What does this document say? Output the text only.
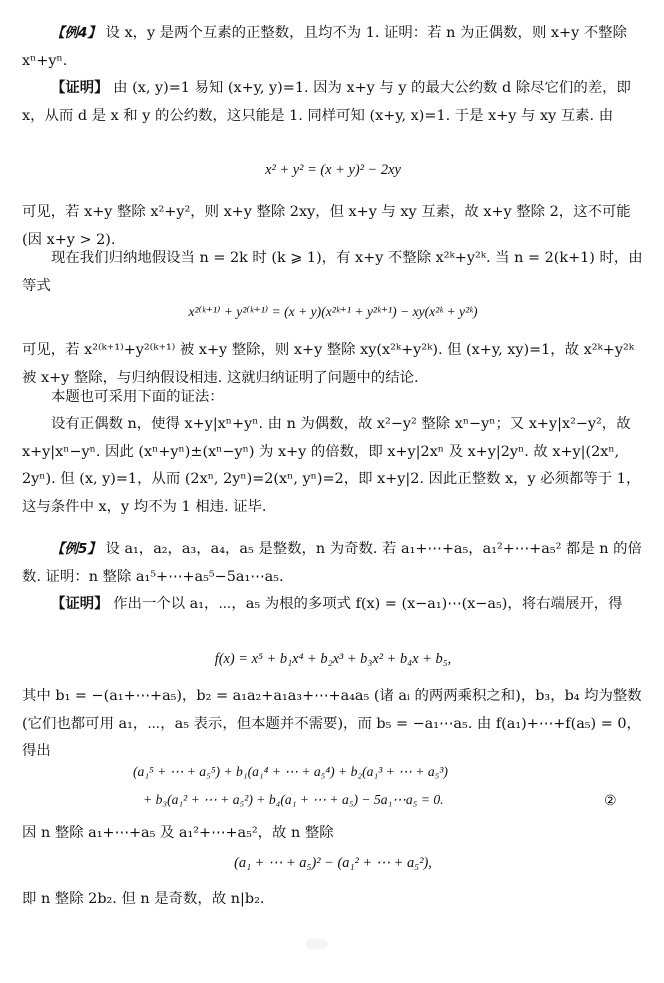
【例4】 设 x，y 是两个互素的正整数，且均不为 1. 证明：若 n 为正偶数，则 x+y 不整除 xⁿ+yⁿ.

【证明】 由 (x, y)=1 易知 (x+y, y)=1. 因为 x+y 与 y 的最大公约数 d 除尽它们的差，即 x，从而 d 是 x 和 y 的公约数，这只能是 1. 同样可知 (x+y, x)=1. 于是 x+y 与 xy 互素. 由

x² + y² = (x + y)² − 2xy

可见，若 x+y 整除 x²+y²，则 x+y 整除 2xy，但 x+y 与 xy 互素，故 x+y 整除 2，这不可能 (因 x+y > 2).

现在我们归纳地假设当 n = 2k 时 (k ⩾ 1)，有 x+y 不整除 x²ᵏ+y²ᵏ. 当 n = 2(k+1) 时，由等式

x²⁽ᵏ⁺¹⁾ + y²⁽ᵏ⁺¹⁾ = (x + y)(x²ᵏ⁺¹ + y²ᵏ⁺¹) − xy(x²ᵏ + y²ᵏ)

可见，若 x²⁽ᵏ⁺¹⁾+y²⁽ᵏ⁺¹⁾ 被 x+y 整除，则 x+y 整除 xy(x²ᵏ+y²ᵏ). 但 (x+y, xy)=1，故 x²ᵏ+y²ᵏ 被 x+y 整除，与归纳假设相违. 这就归纳证明了问题中的结论.

本题也可采用下面的证法：

设有正偶数 n，使得 x+y|xⁿ+yⁿ. 由 n 为偶数，故 x²−y² 整除 xⁿ−yⁿ；又 x+y|x²−y²，故 x+y|xⁿ−yⁿ. 因此 (xⁿ+yⁿ)±(xⁿ−yⁿ) 为 x+y 的倍数，即 x+y|2xⁿ 及 x+y|2yⁿ. 故 x+y|(2xⁿ, 2yⁿ). 但 (x, y)=1，从而 (2xⁿ, 2yⁿ)=2(xⁿ, yⁿ)=2，即 x+y|2. 因此正整数 x，y 必须都等于 1，这与条件中 x，y 均不为 1 相违. 证毕.

【例5】 设 a₁，a₂，a₃，a₄，a₅ 是整数，n 为奇数. 若 a₁+⋯+a₅，a₁²+⋯+a₅² 都是 n 的倍数. 证明：n 整除 a₁⁵+⋯+a₅⁵−5a₁⋯a₅.

【证明】 作出一个以 a₁，⋯，a₅ 为根的多项式 f(x) = (x−a₁)⋯(x−a₅)，将右端展开，得

f(x) = x⁵ + b₁x⁴ + b₂x³ + b₃x² + b₄x + b₅,

其中 b₁ = −(a₁+⋯+a₅)，b₂ = a₁a₂+a₁a₃+⋯+a₄a₅ (诸 aᵢ 的两两乘积之和)，b₃，b₄ 均为整数(它们也都可用 a₁，⋯，a₅ 表示，但本题并不需要)，而 b₅ = −a₁⋯a₅. 由 f(a₁)+⋯+f(a₅) = 0，得出

(a₁⁵ + ⋯ + a₅⁵) + b₁(a₁⁴ + ⋯ + a₅⁴) + b₂(a₁³ + ⋯ + a₅³)

+ b₃(a₁² + ⋯ + a₅²) + b₄(a₁ + ⋯ + a₅) − 5a₁⋯a₅ = 0.	②

因 n 整除 a₁+⋯+a₅ 及 a₁²+⋯+a₅²，故 n 整除

(a₁ + ⋯ + a₅)² − (a₁² + ⋯ + a₅²),

即 n 整除 2b₂. 但 n 是奇数，故 n|b₂.
